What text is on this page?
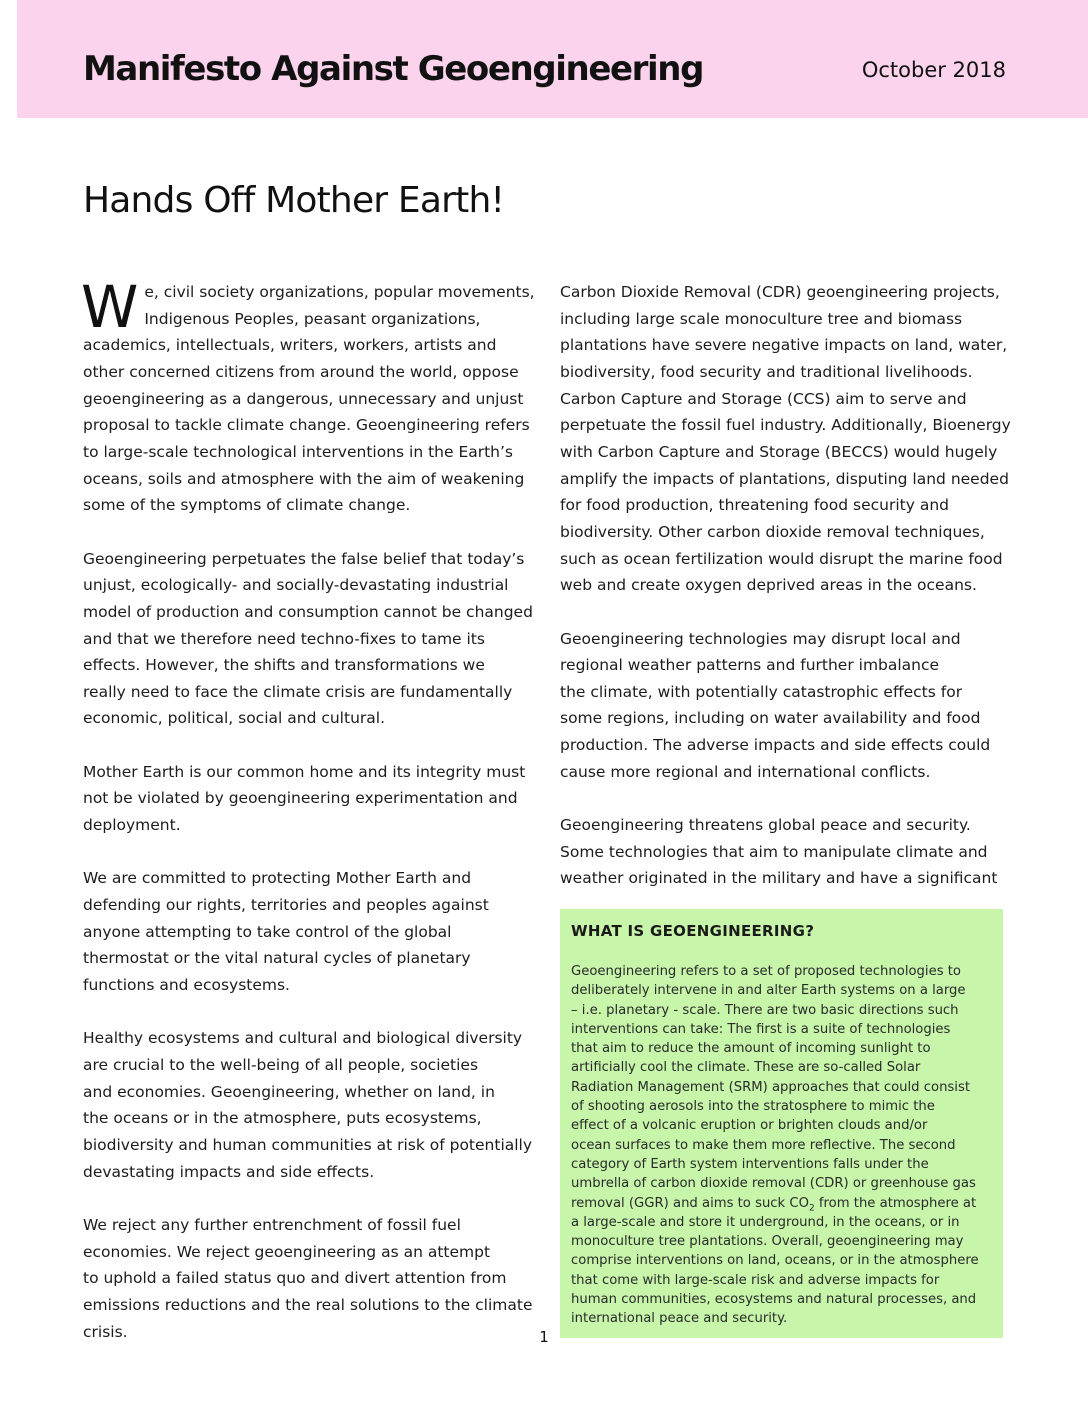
Manifesto Against Geoengineering	October 2018
Hands Off Mother Earth!

W e, civil society organizations, popular movements,
Indigenous Peoples, peasant organizations,
academics, intellectuals, writers, workers, artists and
other concerned citizens from around the world, oppose
geoengineering as a dangerous, unnecessary and unjust
proposal to tackle climate change. Geoengineering refers
to large-scale technological interventions in the Earth’s
oceans, soils and atmosphere with the aim of weakening
some of the symptoms of climate change.

Geoengineering perpetuates the false belief that today’s
unjust, ecologically- and socially-devastating industrial
model of production and consumption cannot be changed
and that we therefore need techno-fixes to tame its
effects. However, the shifts and transformations we
really need to face the climate crisis are fundamentally
economic, political, social and cultural.

Mother Earth is our common home and its integrity must
not be violated by geoengineering experimentation and
deployment.

We are committed to protecting Mother Earth and
defending our rights, territories and peoples against
anyone attempting to take control of the global
thermostat or the vital natural cycles of planetary
functions and ecosystems.

Healthy ecosystems and cultural and biological diversity
are crucial to the well-being of all people, societies
and economies. Geoengineering, whether on land, in
the oceans or in the atmosphere, puts ecosystems,
biodiversity and human communities at risk of potentially
devastating impacts and side effects.

We reject any further entrenchment of fossil fuel
economies. We reject geoengineering as an attempt
to uphold a failed status quo and divert attention from
emissions reductions and the real solutions to the climate
crisis.

Carbon Dioxide Removal (CDR) geoengineering projects,
including large scale monoculture tree and biomass
plantations have severe negative impacts on land, water,
biodiversity, food security and traditional livelihoods.
Carbon Capture and Storage (CCS) aim to serve and
perpetuate the fossil fuel industry. Additionally, Bioenergy
with Carbon Capture and Storage (BECCS) would hugely
amplify the impacts of plantations, disputing land needed
for food production, threatening food security and
biodiversity. Other carbon dioxide removal techniques,
such as ocean fertilization would disrupt the marine food
web and create oxygen deprived areas in the oceans.

Geoengineering technologies may disrupt local and
regional weather patterns and further imbalance
the climate, with potentially catastrophic effects for
some regions, including on water availability and food
production. The adverse impacts and side effects could
cause more regional and international conflicts.

Geoengineering threatens global peace and security.
Some technologies that aim to manipulate climate and
weather originated in the military and have a significant

WHAT IS GEOENGINEERING?
Geoengineering refers to a set of proposed technologies to
deliberately intervene in and alter Earth systems on a large
– i.e. planetary - scale. There are two basic directions such
interventions can take: The first is a suite of technologies
that aim to reduce the amount of incoming sunlight to
artificially cool the climate. These are so-called Solar
Radiation Management (SRM) approaches that could consist
of shooting aerosols into the stratosphere to mimic the
effect of a volcanic eruption or brighten clouds and/or
ocean surfaces to make them more reflective. The second
category of Earth system interventions falls under the
umbrella of carbon dioxide removal (CDR) or greenhouse gas
removal (GGR) and aims to suck $CO_2$ from the atmosphere at
a large-scale and store it underground, in the oceans, or in
monoculture tree plantations. Overall, geoengineering may
comprise interventions on land, oceans, or in the atmosphere
that come with large-scale risk and adverse impacts for
human communities, ecosystems and natural processes, and
international peace and security.
1
